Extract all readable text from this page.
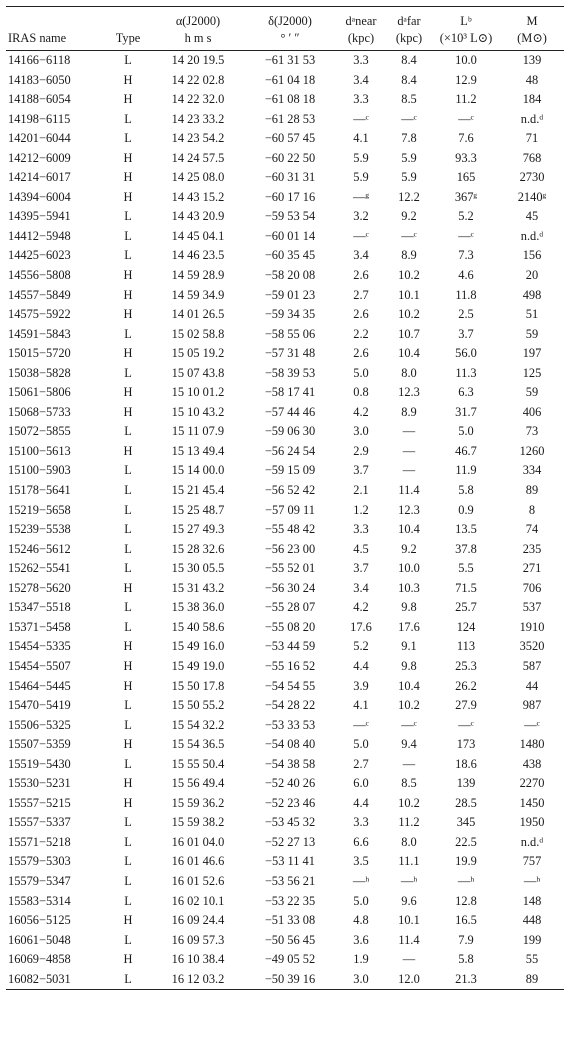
		α(J2000)	δ(J2000)	dᵃnear	dᵃfar	Lᵇ	M
IRAS name	Type	h m s	° ′ ″	(kpc)	(kpc)	(×10³ L⊙)	(M⊙)
14166−6118	L	14 20 19.5	−61 31 53	3.3	8.4	10.0	139
14183−6050	H	14 22 02.8	−61 04 18	3.4	8.4	12.9	48
14188−6054	H	14 22 32.0	−61 08 18	3.3	8.5	11.2	184
14198−6115	L	14 23 33.2	−61 28 53	—ᶜ	—ᶜ	—ᶜ	n.d.ᵈ
14201−6044	L	14 23 54.2	−60 57 45	4.1	7.8	7.6	71
14212−6009	H	14 24 57.5	−60 22 50	5.9	5.9	93.3	768
14214−6017	H	14 25 08.0	−60 31 31	5.9	5.9	165	2730
14394−6004	H	14 43 15.2	−60 17 16	—ᵍ	12.2	367ᵍ	2140ᵍ
14395−5941	L	14 43 20.9	−59 53 54	3.2	9.2	5.2	45
14412−5948	L	14 45 04.1	−60 01 14	—ᶜ	—ᶜ	—ᶜ	n.d.ᵈ
14425−6023	L	14 46 23.5	−60 35 45	3.4	8.9	7.3	156
14556−5808	H	14 59 28.9	−58 20 08	2.6	10.2	4.6	20
14557−5849	H	14 59 34.9	−59 01 23	2.7	10.1	11.8	498
14575−5922	H	14 01 26.5	−59 34 35	2.6	10.2	2.5	51
14591−5843	L	15 02 58.8	−58 55 06	2.2	10.7	3.7	59
15015−5720	H	15 05 19.2	−57 31 48	2.6	10.4	56.0	197
15038−5828	L	15 07 43.8	−58 39 53	5.0	8.0	11.3	125
15061−5806	H	15 10 01.2	−58 17 41	0.8	12.3	6.3	59
15068−5733	H	15 10 43.2	−57 44 46	4.2	8.9	31.7	406
15072−5855	L	15 11 07.9	−59 06 30	3.0	—	5.0	73
15100−5613	H	15 13 49.4	−56 24 54	2.9	—	46.7	1260
15100−5903	L	15 14 00.0	−59 15 09	3.7	—	11.9	334
15178−5641	L	15 21 45.4	−56 52 42	2.1	11.4	5.8	89
15219−5658	L	15 25 48.7	−57 09 11	1.2	12.3	0.9	8
15239−5538	L	15 27 49.3	−55 48 42	3.3	10.4	13.5	74
15246−5612	L	15 28 32.6	−56 23 00	4.5	9.2	37.8	235
15262−5541	L	15 30 05.5	−55 52 01	3.7	10.0	5.5	271
15278−5620	H	15 31 43.2	−56 30 24	3.4	10.3	71.5	706
15347−5518	L	15 38 36.0	−55 28 07	4.2	9.8	25.7	537
15371−5458	L	15 40 58.6	−55 08 20	17.6	17.6	124	1910
15454−5335	H	15 49 16.0	−53 44 59	5.2	9.1	113	3520
15454−5507	H	15 49 19.0	−55 16 52	4.4	9.8	25.3	587
15464−5445	H	15 50 17.8	−54 54 55	3.9	10.4	26.2	44
15470−5419	L	15 50 55.2	−54 28 22	4.1	10.2	27.9	987
15506−5325	L	15 54 32.2	−53 33 53	—ᶜ	—ᶜ	—ᶜ	—ᶜ
15507−5359	H	15 54 36.5	−54 08 40	5.0	9.4	173	1480
15519−5430	L	15 55 50.4	−54 38 58	2.7	—	18.6	438
15530−5231	H	15 56 49.4	−52 40 26	6.0	8.5	139	2270
15557−5215	H	15 59 36.2	−52 23 46	4.4	10.2	28.5	1450
15557−5337	L	15 59 38.2	−53 45 32	3.3	11.2	345	1950
15571−5218	L	16 01 04.0	−52 27 13	6.6	8.0	22.5	n.d.ᵈ
15579−5303	L	16 01 46.6	−53 11 41	3.5	11.1	19.9	757
15579−5347	L	16 01 52.6	−53 56 21	—ʰ	—ʰ	—ʰ	—ʰ
15583−5314	L	16 02 10.1	−53 22 35	5.0	9.6	12.8	148
16056−5125	H	16 09 24.4	−51 33 08	4.8	10.1	16.5	448
16061−5048	L	16 09 57.3	−50 56 45	3.6	11.4	7.9	199
16069−4858	H	16 10 38.4	−49 05 52	1.9	—	5.8	55
16082−5031	L	16 12 03.2	−50 39 16	3.0	12.0	21.3	89
